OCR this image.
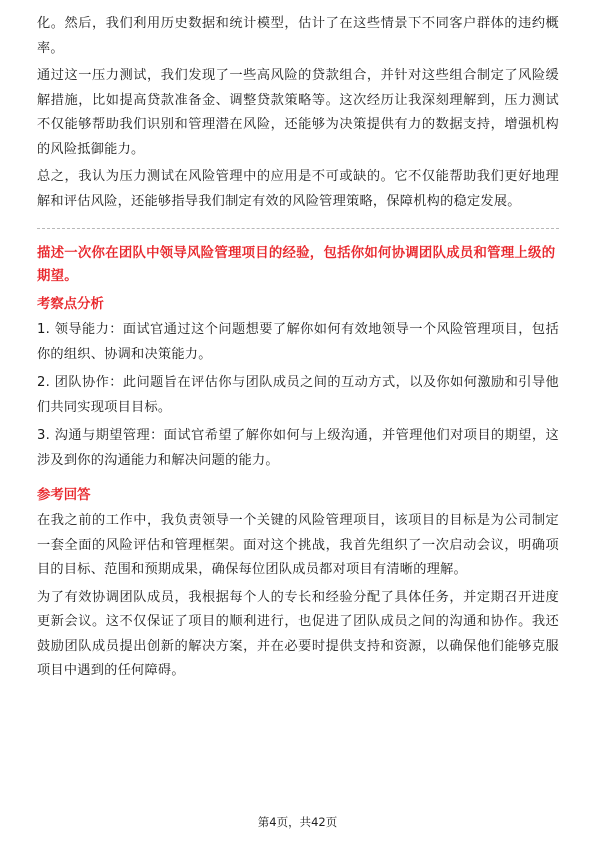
化。然后，我们利用历史数据和统计模型，估计了在这些情景下不同客户群体的违约概率。

通过这一压力测试，我们发现了一些高风险的贷款组合，并针对这些组合制定了风险缓解措施，比如提高贷款准备金、调整贷款策略等。这次经历让我深刻理解到，压力测试不仅能够帮助我们识别和管理潜在风险，还能够为决策提供有力的数据支持，增强机构的风险抵御能力。

总之，我认为压力测试在风险管理中的应用是不可或缺的。它不仅能帮助我们更好地理解和评估风险，还能够指导我们制定有效的风险管理策略，保障机构的稳定发展。

描述一次你在团队中领导风险管理项目的经验，包括你如何协调团队成员和管理上级的期望。

考察点分析

1. 领导能力：面试官通过这个问题想要了解你如何有效地领导一个风险管理项目，包括你的组织、协调和决策能力。

2. 团队协作：此问题旨在评估你与团队成员之间的互动方式，以及你如何激励和引导他们共同实现项目目标。

3. 沟通与期望管理：面试官希望了解你如何与上级沟通，并管理他们对项目的期望，这涉及到你的沟通能力和解决问题的能力。

参考回答

在我之前的工作中，我负责领导一个关键的风险管理项目，该项目的目标是为公司制定一套全面的风险评估和管理框架。面对这个挑战，我首先组织了一次启动会议，明确项目的目标、范围和预期成果，确保每位团队成员都对项目有清晰的理解。

为了有效协调团队成员，我根据每个人的专长和经验分配了具体任务，并定期召开进度更新会议。这不仅保证了项目的顺利进行，也促进了团队成员之间的沟通和协作。我还鼓励团队成员提出创新的解决方案，并在必要时提供支持和资源，以确保他们能够克服项目中遇到的任何障碍。

第4页，共42页
